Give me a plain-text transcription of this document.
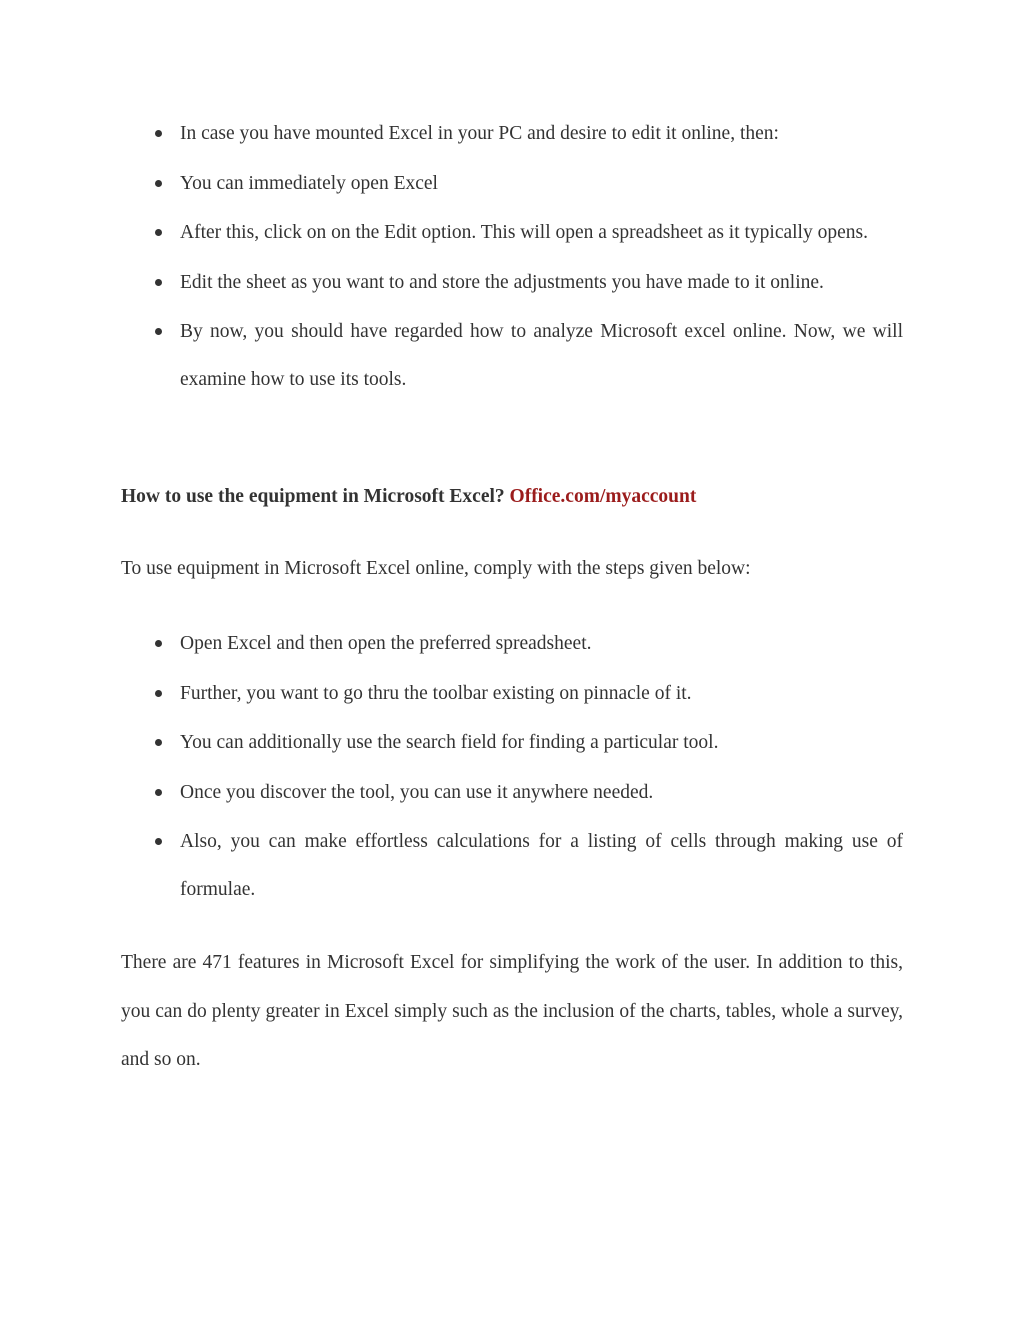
In case you have mounted Excel in your PC and desire to edit it online, then:
You can immediately open Excel
After this, click on on the Edit option. This will open a spreadsheet as it typically opens.
Edit the sheet as you want to and store the adjustments you have made to it online.
By now, you should have regarded how to analyze Microsoft excel online. Now, we will examine how to use its tools.
How to use the equipment in Microsoft Excel? Office.com/myaccount
To use equipment in Microsoft Excel online, comply with the steps given below:
Open Excel and then open the preferred spreadsheet.
Further, you want to go thru the toolbar existing on pinnacle of it.
You can additionally use the search field for finding a particular tool.
Once you discover the tool, you can use it anywhere needed.
Also, you can make effortless calculations for a listing of cells through making use of formulae.

There are 471 features in Microsoft Excel for simplifying the work of the user. In addition to this, you can do plenty greater in Excel simply such as the inclusion of the charts, tables, whole a survey, and so on.
